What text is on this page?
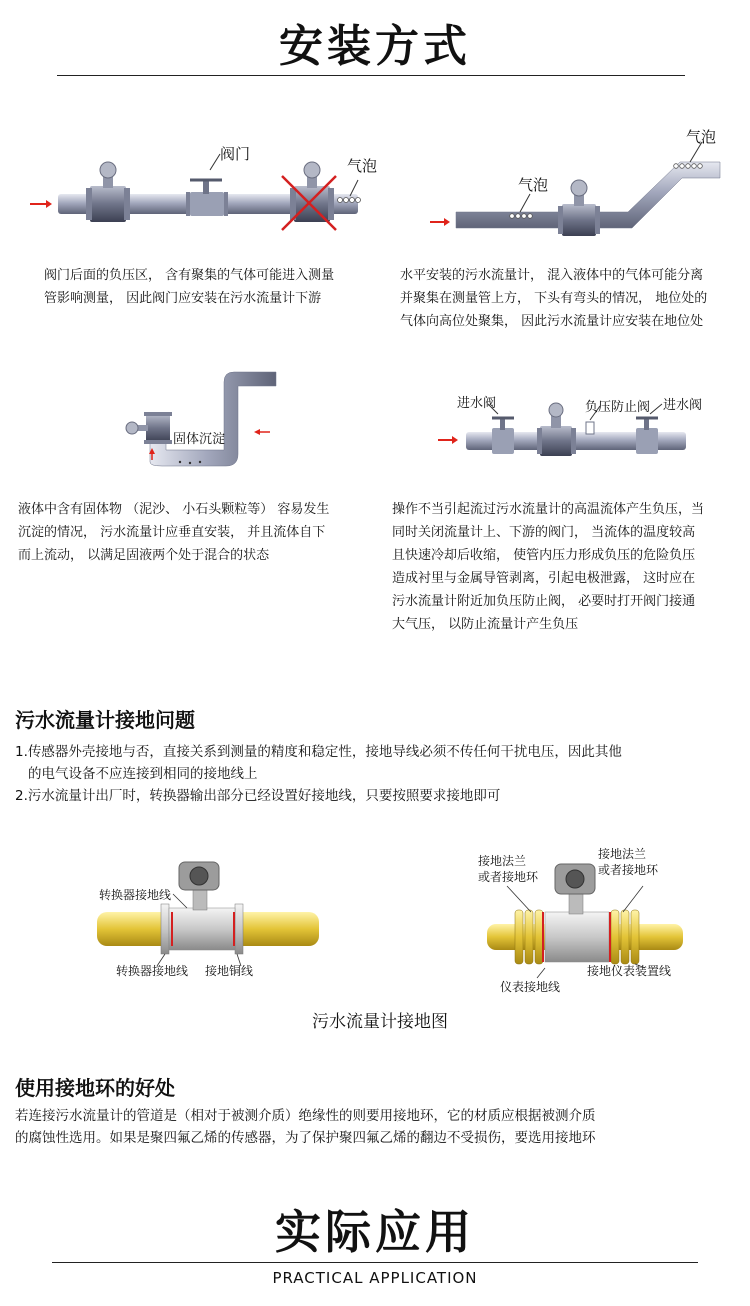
安装方式
阀门
气泡
阀门后面的负压区， 含有聚集的气体可能进入测量
管影响测量， 因此阀门应安装在污水流量计下游
气泡
气泡
水平安装的污水流量计， 混入液体中的气体可能分离
并聚集在测量管上方， 下头有弯头的情况， 地位处的
气体向高位处聚集， 因此污水流量计应安装在地位处
固体沉淀
液体中含有固体物 （泥沙、 小石头颗粒等） 容易发生
沉淀的情况， 污水流量计应垂直安装， 并且流体自下
而上流动， 以满足固液两个处于混合的状态
进水阀	负压防止阀 进水阀
操作不当引起流过污水流量计的高温流体产生负压，当
同时关闭流量计上、下游的阀门， 当流体的温度较高
且快速冷却后收缩， 使管内压力形成负压的危险负压
造成衬里与金属导管剥离，引起电极泄露， 这时应在
污水流量计附近加负压防止阀， 必要时打开阀门接通
大气压， 以防止流量计产生负压
污水流量计接地问题
1.传感器外壳接地与否，直接关系到测量的精度和稳定性，接地导线必须不传任何干扰电压，因此其他
的电气设备不应连接到相同的接地线上
2.污水流量计出厂时，转换器输出部分已经设置好接地线，只要按照要求接地即可
转换器接地线
转换器接地线 接地铜线
接地法兰
或者接地环
接地法兰
或者接地环
仪表接地线
接地仪表装置线
污水流量计接地图
使用接地环的好处
若连接污水流量计的管道是（相对于被测介质）绝缘性的则要用接地环，它的材质应根据被测介质
的腐蚀性选用。如果是聚四氟乙烯的传感器，为了保护聚四氟乙烯的翻边不受损伤，要选用接地环
实际应用
PRACTICAL APPLICATION
